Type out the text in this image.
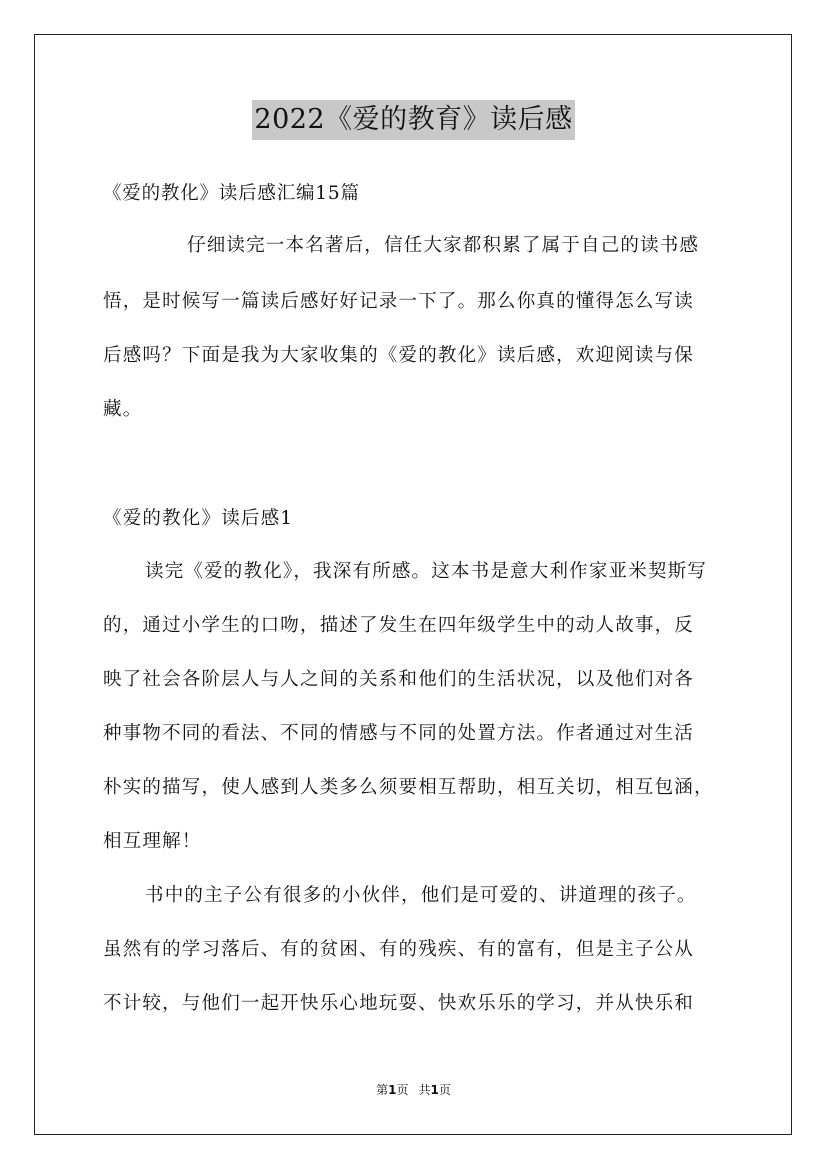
2022《爱的教育》读后感
《爱的教化》读后感汇编15篇
仔细读完一本名著后，信任大家都积累了属于自己的读书感
悟，是时候写一篇读后感好好记录一下了。那么你真的懂得怎么写读
后感吗？下面是我为大家收集的《爱的教化》读后感，欢迎阅读与保
藏。
《爱的教化》读后感1
读完《爱的教化》，我深有所感。这本书是意大利作家亚米契斯写
的，通过小学生的口吻，描述了发生在四年级学生中的动人故事，反
映了社会各阶层人与人之间的关系和他们的生活状况，以及他们对各
种事物不同的看法、不同的情感与不同的处置方法。作者通过对生活
朴实的描写，使人感到人类多么须要相互帮助，相互关切，相互包涵，
相互理解！
书中的主子公有很多的小伙伴，他们是可爱的、讲道理的孩子。
虽然有的学习落后、有的贫困、有的残疾、有的富有，但是主子公从
不计较，与他们一起开快乐心地玩耍、快欢乐乐的学习，并从快乐和
第1页 共1页
